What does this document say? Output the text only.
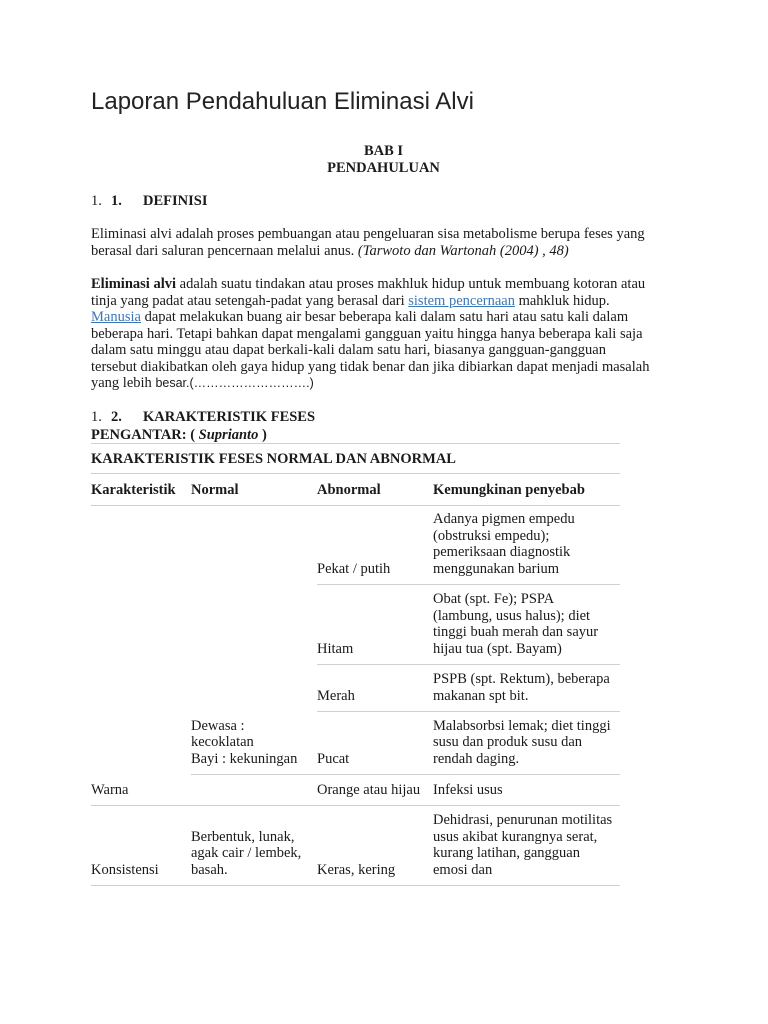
Laporan Pendahuluan Eliminasi Alvi
BAB I
PENDAHULUAN
1. 1. DEFINISI

Eliminasi alvi adalah proses pembuangan atau pengeluaran sisa metabolisme berupa feses yang berasal dari saluran pencernaan melalui anus. (Tarwoto dan Wartonah (2004) , 48)

Eliminasi alvi adalah suatu tindakan atau proses makhluk hidup untuk membuang kotoran atau tinja yang padat atau setengah-padat yang berasal dari sistem pencernaan mahkluk hidup. Manusia dapat melakukan buang air besar beberapa kali dalam satu hari atau satu kali dalam beberapa hari. Tetapi bahkan dapat mengalami gangguan yaitu hingga hanya beberapa kali saja dalam satu minggu atau dapat berkali-kali dalam satu hari, biasanya gangguan-gangguan tersebut diakibatkan oleh gaya hidup yang tidak benar dan jika dibiarkan dapat menjadi masalah yang lebih besar.(……………………….)

1. 2. KARAKTERISTIK FESES
PENGANTAR: ( Suprianto )
KARAKTERISTIK FESES NORMAL DAN ABNORMAL			
Karakteristik	Normal	Abnormal	Kemungkinan penyebab
Warna	Dewasa :
kecoklatan
Bayi : kekuningan	Pekat / putih	Adanya pigmen empedu (obstruksi empedu); pemeriksaan diagnostik menggunakan barium
		Hitam	Obat (spt. Fe); PSPA (lambung, usus halus); diet tinggi buah merah dan sayur hijau tua (spt. Bayam)
		Merah	PSPB (spt. Rektum), beberapa makanan spt bit.
		Pucat	Malabsorbsi lemak; diet tinggi susu dan produk susu dan rendah daging.
		Orange atau hijau	Infeksi usus
Konsistensi	Berbentuk, lunak, agak cair / lembek, basah.	Keras, kering	Dehidrasi, penurunan motilitas usus akibat kurangnya serat, kurang latihan, gangguan emosi dan
